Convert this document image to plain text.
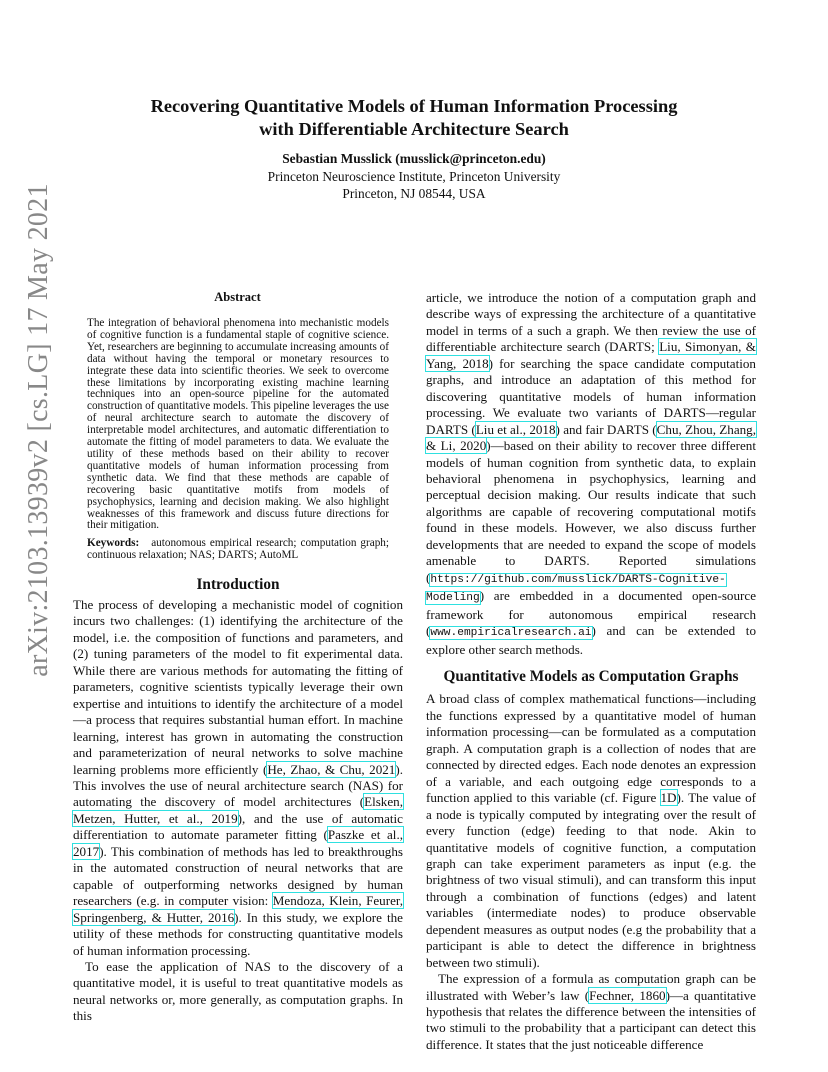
Recovering Quantitative Models of Human Information Processing
with Differentiable Architecture Search
Sebastian Musslick (musslick@princeton.edu)
Princeton Neuroscience Institute, Princeton University
Princeton, NJ 08544, USA
arXiv:2103.13939v2 [cs.LG] 17 May 2021	Abstract
The integration of behavioral phenomena into mechanistic models of cognitive function is a fundamental staple of cognitive science. Yet, researchers are beginning to accumulate increasing amounts of data without having the temporal or monetary resources to integrate these data into scientific theories. We seek to overcome these limitations by incorporating existing machine learning techniques into an open-source pipeline for the automated construction of quantitative models. This pipeline leverages the use of neural architecture search to automate the discovery of interpretable model architectures, and automatic differentiation to automate the fitting of model parameters to data. We evaluate the utility of these methods based on their ability to recover quantitative models of human information processing from synthetic data. We find that these methods are capable of recovering basic quantitative motifs from models of psychophysics, learning and decision making. We also highlight weaknesses of this framework and discuss future directions for their mitigation.
Keywords: autonomous empirical research; computation graph; continuous relaxation; NAS; DARTS; AutoML
Introduction

The process of developing a mechanistic model of cognition incurs two challenges: (1) identifying the architecture of the model, i.e. the composition of functions and parameters, and (2) tuning parameters of the model to fit experimental data. While there are various methods for automating the fitting of parameters, cognitive scientists typically leverage their own expertise and intuitions to identify the architecture of a model—a process that requires substantial human effort. In machine learning, interest has grown in automating the construction and parameterization of neural networks to solve machine learning problems more efficiently (He, Zhao, & Chu, 2021). This involves the use of neural architecture search (NAS) for automating the discovery of model architectures (Elsken, Metzen, Hutter, et al., 2019), and the use of automatic differentiation to automate parameter fitting (Paszke et al., 2017). This combination of methods has led to breakthroughs in the automated construction of neural networks that are capable of outperforming networks designed by human researchers (e.g. in computer vision: Mendoza, Klein, Feurer, Springenberg, & Hutter, 2016). In this study, we explore the utility of these methods for constructing quantitative models of human information processing.

To ease the application of NAS to the discovery of a quantitative model, it is useful to treat quantitative models as neural networks or, more generally, as computation graphs. In this

article, we introduce the notion of a computation graph and describe ways of expressing the architecture of a quantitative model in terms of a such a graph. We then review the use of differentiable architecture search (DARTS; Liu, Simonyan, & Yang, 2018) for searching the space candidate computation graphs, and introduce an adaptation of this method for discovering quantitative models of human information processing. We evaluate two variants of DARTS—regular DARTS (Liu et al., 2018) and fair DARTS (Chu, Zhou, Zhang, & Li, 2020)—based on their ability to recover three different models of human cognition from synthetic data, to explain behavioral phenomena in psychophysics, learning and perceptual decision making. Our results indicate that such algorithms are capable of recovering computational motifs found in these models. However, we also discuss further developments that are needed to expand the scope of models amenable to DARTS. Reported simulations (https://github.com/musslick/DARTS-Cognitive-Modeling) are embedded in a documented open-source framework for autonomous empirical research (www.empiricalresearch.ai) and can be extended to explore other search methods.

Quantitative Models as Computation Graphs

A broad class of complex mathematical functions—including the functions expressed by a quantitative model of human information processing—can be formulated as a computation graph. A computation graph is a collection of nodes that are connected by directed edges. Each node denotes an expression of a variable, and each outgoing edge corresponds to a function applied to this variable (cf. Figure 1D). The value of a node is typically computed by integrating over the result of every function (edge) feeding to that node. Akin to quantitative models of cognitive function, a computation graph can take experiment parameters as input (e.g. the brightness of two visual stimuli), and can transform this input through a combination of functions (edges) and latent variables (intermediate nodes) to produce observable dependent measures as output nodes (e.g the probability that a participant is able to detect the difference in brightness between two stimuli).

The expression of a formula as computation graph can be illustrated with Weber’s law (Fechner, 1860)—a quantitative hypothesis that relates the difference between the intensities of two stimuli to the probability that a participant can detect this difference. It states that the just noticeable difference
